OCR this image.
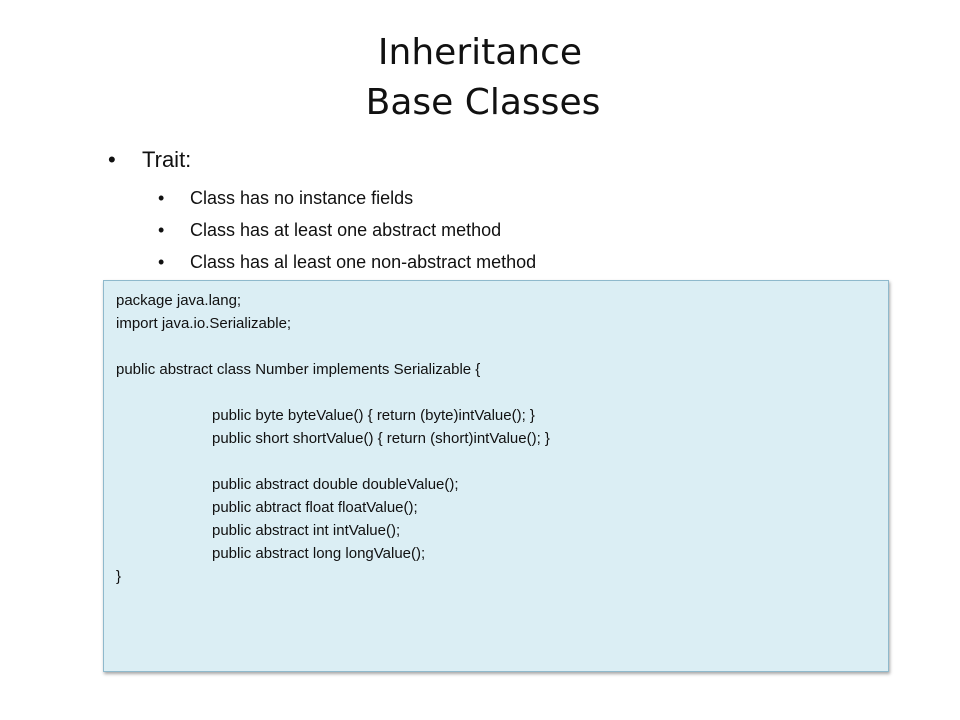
Inheritance
Base Classes
• Trait:
• Class has no instance fields
• Class has at least one abstract method
• Class has al least one non-abstract method
package java.lang;
import java.io.Serializable;
public abstract class Number implements Serializable {
public byte byteValue() { return (byte)intValue(); }
public short shortValue() { return (short)intValue(); }
public abstract double doubleValue();
public abtract float floatValue();
public abstract int intValue();
public abstract long longValue();
}
